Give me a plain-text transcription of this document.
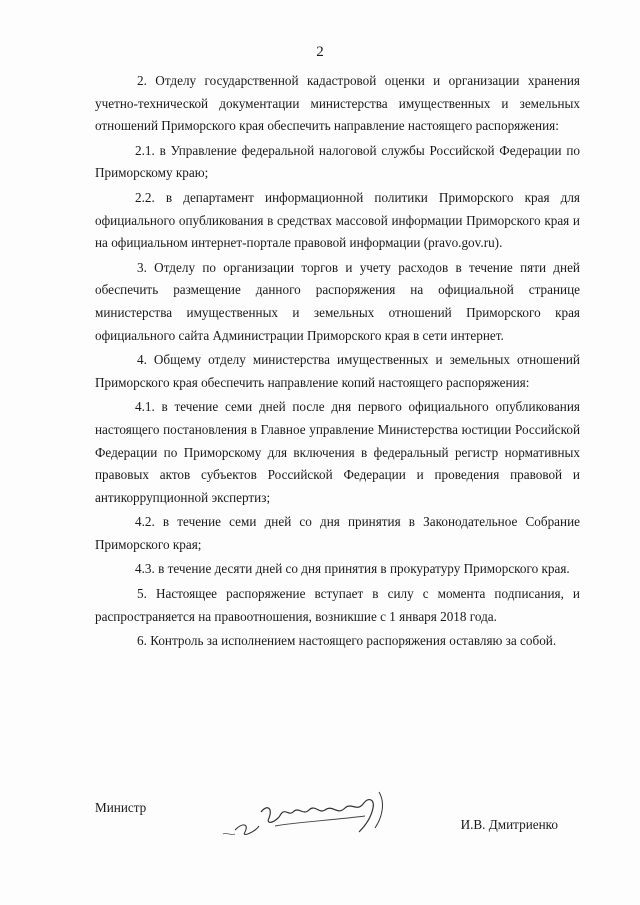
2

2. Отделу государственной кадастровой оценки и организации хранения учетно-технической документации министерства имущественных и земельных отношений Приморского края обеспечить направление настоящего распоряжения:

2.1. в Управление федеральной налоговой службы Российской Федерации по Приморскому краю;

2.2. в департамент информационной политики Приморского края для официального опубликования в средствах массовой информации Приморского края и на официальном интернет-портале правовой информации (pravo.gov.ru).

3. Отделу по организации торгов и учету расходов в течение пяти дней обеспечить размещение данного распоряжения на официальной странице министерства имущественных и земельных отношений Приморского края официального сайта Администрации Приморского края в сети интернет.

4. Общему отделу министерства имущественных и земельных отношений Приморского края обеспечить направление копий настоящего распоряжения:

4.1. в течение семи дней после дня первого официального опубликования настоящего постановления в Главное управление Министерства юстиции Российской Федерации по Приморскому для включения в федеральный регистр нормативных правовых актов субъектов Российской Федерации и проведения правовой и антикоррупционной экспертиз;

4.2. в течение семи дней со дня принятия в Законодательное Собрание Приморского края;

4.3. в течение десяти дней со дня принятия в прокуратуру Приморского края.

5. Настоящее распоряжение вступает в силу с момента подписания, и распространяется на правоотношения, возникшие с 1 января 2018 года.

6. Контроль за исполнением настоящего распоряжения оставляю за собой.

Министр
И.В. Дмитриенко
